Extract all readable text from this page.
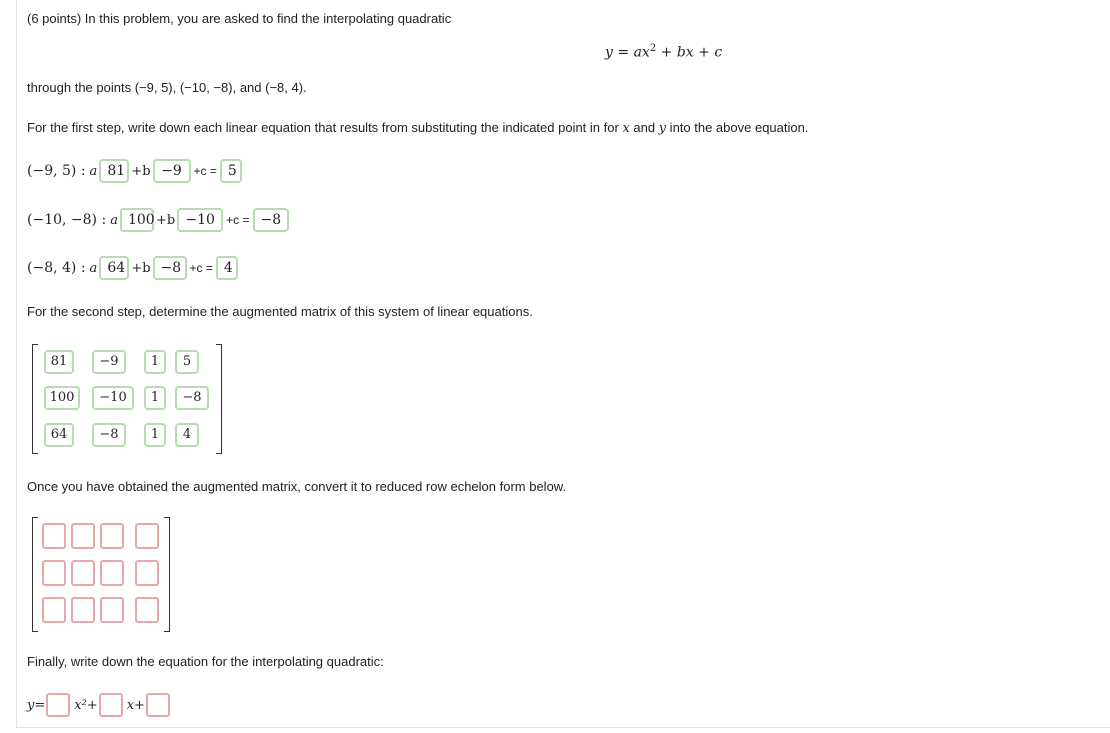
(6 points) In this problem, you are asked to find the interpolating quadratic
$y = ax^2$ + bx + c
through the points (−9, 5), (−10, −8), and (−8, 4).
For the first step, write down each linear equation that results from substituting the indicated point in for x and y into the above equation.
(−9, 5) : a 81 +b −9 +c = 5
(−10, −8) : a 100 +b −10 +c = −8
(−8, 4) : a 64 +b −8 +c = 4
For the second step, determine the augmented matrix of this system of linear equations.
81	−9	1	5
100	−10	1	−8
64	−8	1	4
Once you have obtained the augmented matrix, convert it to reduced row echelon form below.
Finally, write down the equation for the interpolating quadratic:
y= x²+ x+
